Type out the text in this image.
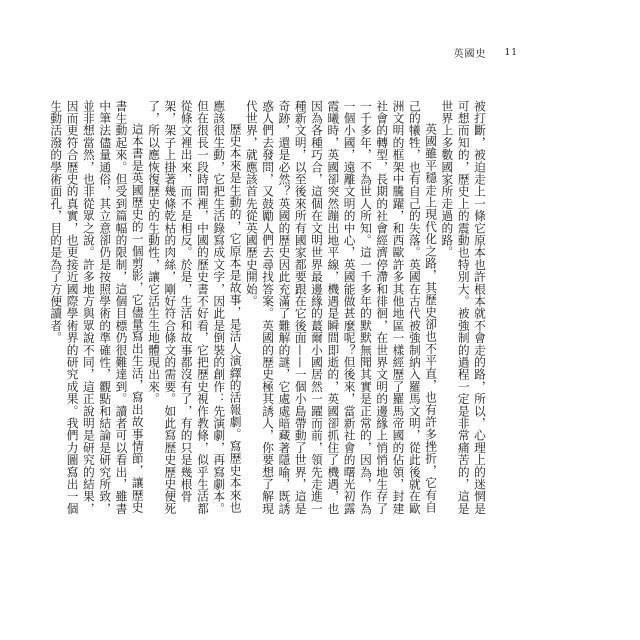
英國史 11

被打斷，被迫走上一條它原本也許根本就不會走的路，所以，心理上的迷惘是可想而知的，歷史上的震動也特別大。被強制的過程一定是非常痛苦的，這是世界上多數國家所走過的路。

英國雖平穩走上現代化之路，其歷史卻也不平直，也有許多挫折，它有自己的犧牲，也有自己的失落。英國在古代被強制納入羅馬文明，從此後就在歐洲文明的框架中騰躍，和西歐許多其他地區一樣經歷了羅馬帝國的佔領，封建社會的轉型，長期的社會經濟停滯和徘徊，在世界文明的邊緣上悄悄地生存了一千多年，不為世人所知。這一千多年的默默無聞其實是正常的，因為，作為一個小國，遠離文明的中心，英國能做甚麼呢？但後來，當新社會的曙光初露霞曦時，英國卻突然蹦出地平線，機遇是瞬間即逝的，英國卻抓住了機遇，也因為各種巧合，這個在文明世界最邊緣的蕞爾小國居然一躍而前，領先走進一種新文明，以至後來所有國家都要跟在它後面——一個小島帶動了世界，這是奇跡，還是必然？英國的歷史因此充滿了難解的謎，它處處暗藏著隱喻，既誘惑人們去發問，又鼓勵人們去尋找答案。英國的歷史極其誘人，你要想了解現代世界，就應該首先從英國歷史開始。

歷史本來是生動的，它原本是故事，是活人演繹的活報劇。寫歷史本來也應該很生動，它把生活錄寫成文字，因此是倒裝的創作：先演劇，再寫劇本。但在很長一段時間裡，中國的歷史書不好看，它把歷史視作教條，似乎生活都從條文裡出來，而不是相反。於是，生活和故事都沒有了，有的只是幾根骨架，架子上掛著幾條乾枯的肉絲，剛好符合條文的需要。如此寫歷史歷史便死了，所以應恢復歷史的生動性，讓它活生生地體現出來。

這本書是英國歷史的一個剪影，它儘量寫出生活，寫出故事情節，讓歷史書生動起來。但受到篇幅的限制，這個目標仍很難達到。讀者可以看出，雖書中筆法儘量通俗，其立意卻仍是按照學術的準確性，觀點和結論是研究所致，並非想當然，也非從眾之說。許多地方與眾說不同，這正說明是研究的結果，因而更符合歷史的真實，也更接近國際學術界的研究成果。我們力圖寫出一個生動活潑的學術面孔，目的是為了方便讀者。
